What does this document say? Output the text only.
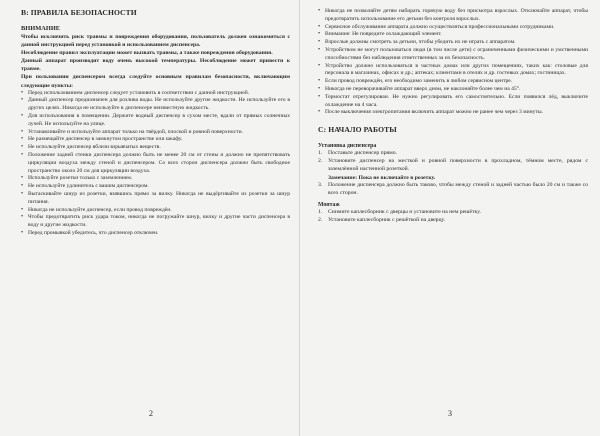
B: ПРАВИЛА БЕЗОПАСНОСТИ
ВНИМАНИЕ

Чтобы исключить риск травмы и повреждения оборудования, пользователь должен ознакомиться с данной инструкцией перед установкой и использованием диспенсера.

Несоблюдение правил эксплуатации может вызвать травмы, а также повреждения оборудования.

Данный аппарат производит воду очень высокой температуры. Несоблюдение может привести к травме.

При пользовании диспенсером всегда следуйте основным правилам безопасности, включающим следующие пункты:

• Перед использованием диспенсер следует установить в соответствии с данной инструкцией.
• Данный диспенсер предназначен для розлива воды. Не используйте другие жидкости. Не используйте его в других целях. Никогда не используйте в диспенсере неизвестную жидкость.
• Для использования в помещении. Держите водный диспенсер в сухом месте, вдали от прямых солнечных лучей. Не используйте на улице.
• Устанавливайте и используйте аппарат только на твёрдой, плоской и ровной поверхности.
• Не размещайте диспенсер в замкнутом пространстве или шкафу.
• Не используйте диспенсер вблизи взрывчатых веществ.
• Положение задней стенки диспенсера должно быть не менее 20 см от стены и должно не препятствовать циркуляции воздуха между стеной и диспенсером. Со всех сторон диспенсера должно быть свободное пространство около 20 см для циркуляции воздуха.
• Используйте розетки только с заземлением.
• Не используйте удлинитель с вашим диспенсером.
• Вытаскивайте шнур из розетки, взявшись прямо за вилку. Никогда не выдёргивайте из розетки за шнур питания.
• Никогда не используйте диспенсер, если провод повреждён.
• Чтобы предотвратить риск удара током, никогда не погружайте шнур, вилку и другие части диспенсера в воду и другие жидкости.
• Перед промывкой убедитесь, что диспенсер отключен.
2
• Никогда не позволяйте детям набирать горячую воду без присмотра взрослых. Отключайте аппарат, чтобы предотвратить использование его детьми без контроля взрослых.
• Сервисное обслуживание аппарата должно осуществляться профессиональными сотрудниками.
• Внимание: Не повредите охлаждающий элемент.
• Взрослые должны смотреть за детьми, чтобы убедить их не играть с аппаратом.
• Устройством не могут пользоваться люди (в том числе дети) с ограниченными физическими и умственными способностями без наблюдения ответственных за их безопасность.
• Устройство должно использоваться в частных домах или других помещениях, таких как: столовые для персонала в магазинах, офисах и др.; аптеках; клиентами в отелях и др. гостевых домах; гостиницах.
• Если провод повреждён, его необходимо заменить в любом сервисном центре.
• Никогда не переворачивайте аппарат вверх дном, не наклоняйте более чем на 45°.
• Термостат отрегулирован. Не нужно регулировать его самостоятельно. Если появился лёд, выключите охлаждение на 4 часа.
• После выключения электропитания включить аппарат можно не ранее чем через 3 минуты.
C: НАЧАЛО РАБОТЫ

Установка диспенсера

1. Поставьте диспенсер прямо.
2. Установите диспенсер на жесткой и ровной поверхности в прохладном, тёмном месте, рядом с заземлённой настенной розеткой.

Замечание: Пока не включайте в розетку.

3. Положение диспенсера должно быть таково, чтобы между стеной и задней частью было 20 см и также со всех сторон.

Монтаж

1. Снимите каплесборник с дверцы и установите на нем решётку.
2. Установите каплесборник с решёткой на дверцу.
3
